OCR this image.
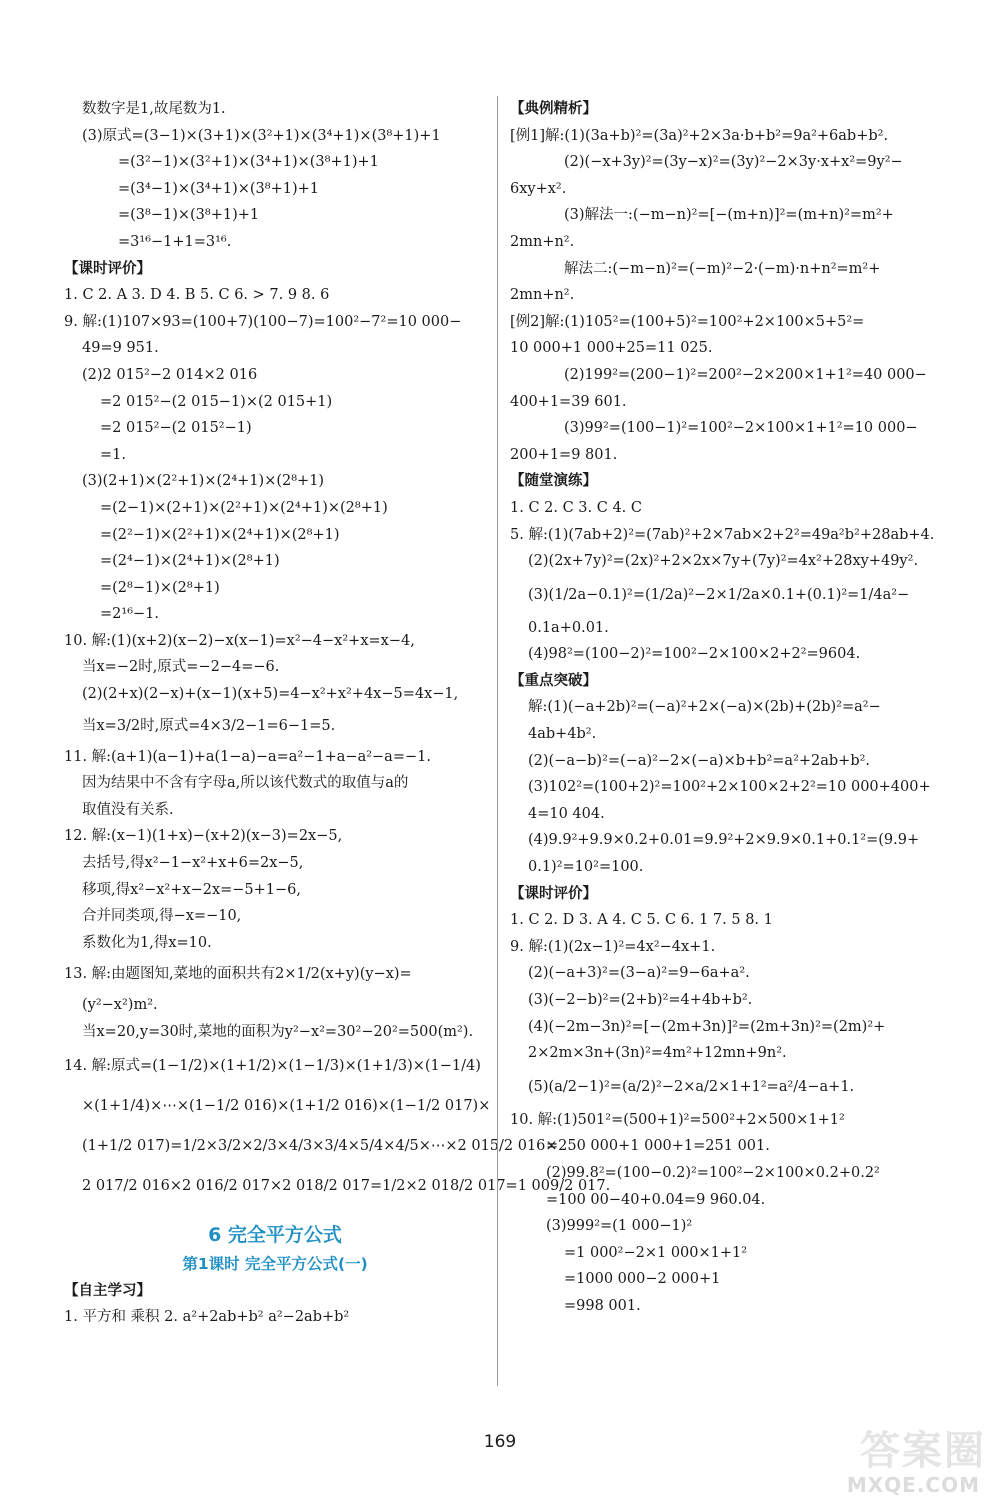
数数字是1,故尾数为1.
(3)原式=(3−1)×(3+1)×(3²+1)×(3⁴+1)×(3⁸+1)+1
=(3²−1)×(3²+1)×(3⁴+1)×(3⁸+1)+1
=(3⁴−1)×(3⁴+1)×(3⁸+1)+1
=(3⁸−1)×(3⁸+1)+1
=3¹⁶−1+1=3¹⁶.
【课时评价】
1. C 2. A 3. D 4. B 5. C 6. > 7. 9 8. 6
9. 解:(1)107×93=(100+7)(100−7)=100²−7²=10 000−
49=9 951.
(2)2 015²−2 014×2 016
=2 015²−(2 015−1)×(2 015+1)
=2 015²−(2 015²−1)
=1.
(3)(2+1)×(2²+1)×(2⁴+1)×(2⁸+1)
=(2−1)×(2+1)×(2²+1)×(2⁴+1)×(2⁸+1)
=(2²−1)×(2²+1)×(2⁴+1)×(2⁸+1)
=(2⁴−1)×(2⁴+1)×(2⁸+1)
=(2⁸−1)×(2⁸+1)
=2¹⁶−1.
10. 解:(1)(x+2)(x−2)−x(x−1)=x²−4−x²+x=x−4,
当x=−2时,原式=−2−4=−6.
(2)(2+x)(2−x)+(x−1)(x+5)=4−x²+x²+4x−5=4x−1,
当x=3/2时,原式=4×3/2−1=6−1=5.
11. 解:(a+1)(a−1)+a(1−a)−a=a²−1+a−a²−a=−1.
因为结果中不含有字母a,所以该代数式的取值与a的
取值没有关系.
12. 解:(x−1)(1+x)−(x+2)(x−3)=2x−5,
去括号,得x²−1−x²+x+6=2x−5,
移项,得x²−x²+x−2x=−5+1−6,
合并同类项,得−x=−10,
系数化为1,得x=10.
13. 解:由题图知,菜地的面积共有2×1/2(x+y)(y−x)=
(y²−x²)m².
当x=20,y=30时,菜地的面积为y²−x²=30²−20²=500(m²).
14. 解:原式=(1−1/2)×(1+1/2)×(1−1/3)×(1+1/3)×(1−1/4)
×(1+1/4)×⋯×(1−1/2 016)×(1+1/2 016)×(1−1/2 017)×
(1+1/2 017)=1/2×3/2×2/3×4/3×3/4×5/4×4/5×⋯×2 015/2 016×
2 017/2 016×2 016/2 017×2 018/2 017=1/2×2 018/2 017=1 009/2 017.
6 完全平方公式
第1课时 完全平方公式(一)
【自主学习】
1. 平方和 乘积 2. a²+2ab+b² a²−2ab+b²
【典例精析】
[例1]解:(1)(3a+b)²=(3a)²+2×3a·b+b²=9a²+6ab+b².
(2)(−x+3y)²=(3y−x)²=(3y)²−2×3y·x+x²=9y²−
6xy+x².
(3)解法一:(−m−n)²=[−(m+n)]²=(m+n)²=m²+
2mn+n².
解法二:(−m−n)²=(−m)²−2·(−m)·n+n²=m²+
2mn+n².
[例2]解:(1)105²=(100+5)²=100²+2×100×5+5²=
10 000+1 000+25=11 025.
(2)199²=(200−1)²=200²−2×200×1+1²=40 000−
400+1=39 601.
(3)99²=(100−1)²=100²−2×100×1+1²=10 000−
200+1=9 801.
【随堂演练】
1. C 2. C 3. C 4. C
5. 解:(1)(7ab+2)²=(7ab)²+2×7ab×2+2²=49a²b²+28ab+4.
(2)(2x+7y)²=(2x)²+2×2x×7y+(7y)²=4x²+28xy+49y².
(3)(1/2a−0.1)²=(1/2a)²−2×1/2a×0.1+(0.1)²=1/4a²−
0.1a+0.01.
(4)98²=(100−2)²=100²−2×100×2+2²=9604.
【重点突破】
解:(1)(−a+2b)²=(−a)²+2×(−a)×(2b)+(2b)²=a²−
4ab+4b².
(2)(−a−b)²=(−a)²−2×(−a)×b+b²=a²+2ab+b².
(3)102²=(100+2)²=100²+2×100×2+2²=10 000+400+
4=10 404.
(4)9.9²+9.9×0.2+0.01=9.9²+2×9.9×0.1+0.1²=(9.9+
0.1)²=10²=100.
【课时评价】
1. C 2. D 3. A 4. C 5. C 6. 1 7. 5 8. 1
9. 解:(1)(2x−1)²=4x²−4x+1.
(2)(−a+3)²=(3−a)²=9−6a+a².
(3)(−2−b)²=(2+b)²=4+4b+b².
(4)(−2m−3n)²=[−(2m+3n)]²=(2m+3n)²=(2m)²+
2×2m×3n+(3n)²=4m²+12mn+9n².
(5)(a/2−1)²=(a/2)²−2×a/2×1+1²=a²/4−a+1.
10. 解:(1)501²=(500+1)²=500²+2×500×1+1²
=250 000+1 000+1=251 001.
(2)99.8²=(100−0.2)²=100²−2×100×0.2+0.2²
=100 00−40+0.04=9 960.04.
(3)999²=(1 000−1)²
=1 000²−2×1 000×1+1²
=1000 000−2 000+1
=998 001.
169	答案圈
MXQE.COM
